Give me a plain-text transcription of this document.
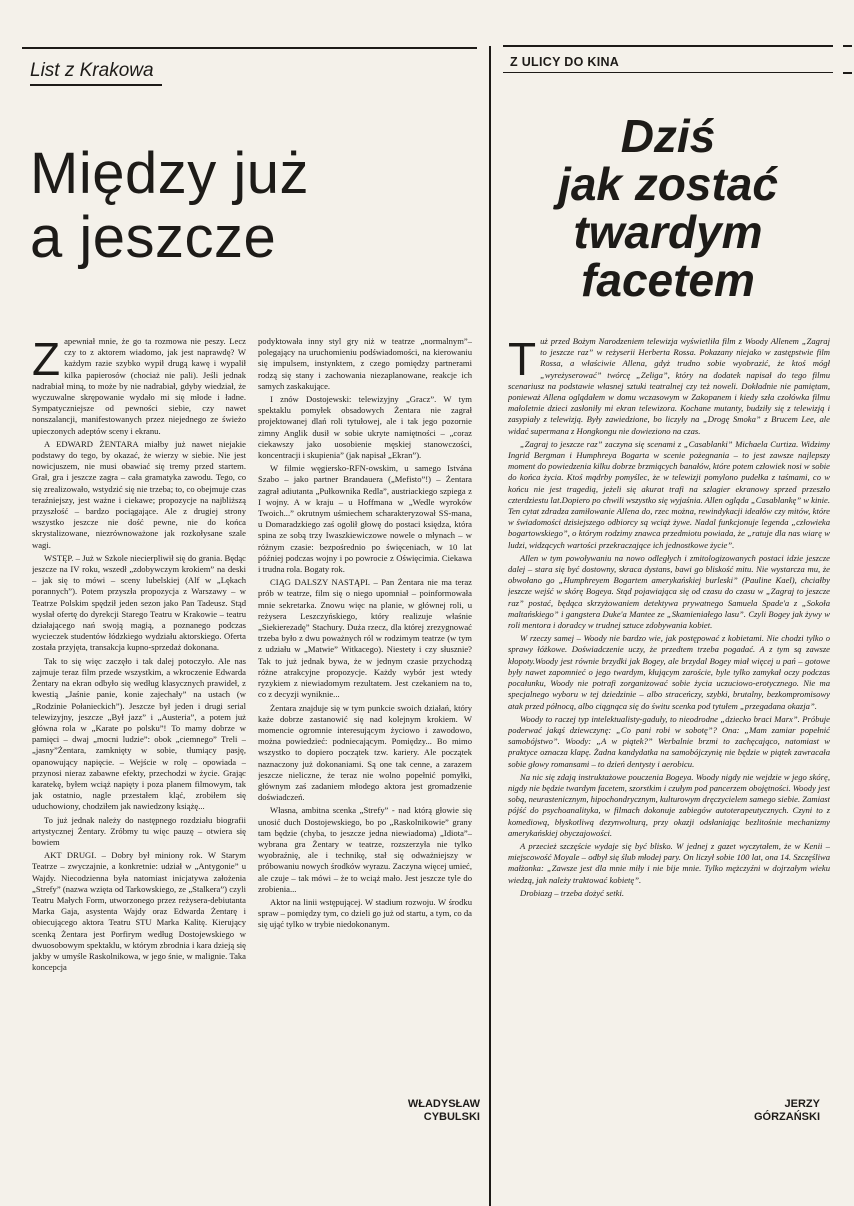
List z Krakowa
Między już
a jeszcze
Z ULICY DO KINA
Dziś
jak zostać
twardym
facetem

Zapewniał mnie, że go ta rozmowa nie peszy. Lecz czy to z aktorem wiadomo, jak jest naprawdę? W każdym razie szybko wypił drugą kawę i wypalił kilka papierosów (chociaż nie pali). Jeśli jednak nadrabiał miną, to może by nie nadrabiał, gdyby wiedział, że wyczuwalne skrępowanie wydało mi się młode i ładne. Sympatyczniejsze od pewności siebie, czy nawet nonszalancji, manifestowanych przez niejednego ze świeżo upieczonych adeptów sceny i ekranu.

A EDWARD ŻENTARA miałby już nawet niejakie podstawy do tego, by okazać, że wierzy w siebie. Nie jest nowicjuszem, nie musi obawiać się tremy przed startem. Grał, gra i jeszcze zagra – cała gramatyka zawodu. Tego, co się zrealizowało, wstydzić się nie trzeba; to, co obejmuje czas teraźniejszy, jest ważne i ciekawe; propozycje na najbliższą przyszłość – bardzo pociągające. Ale z drugiej strony wszystko jeszcze nie dość pewne, nie do końca skrystalizowane, niezrównoważone jak rozkołysane szale wagi.

WSTĘP. – Już w Szkole niecierpliwił się do grania. Będąc jeszcze na IV roku, wszedł „zdobywczym krokiem” na deski – jak się to mówi – sceny lubelskiej (Alf w „Lękach porannych”). Potem przyszła propozycja z Warszawy – w Teatrze Polskim spędził jeden sezon jako Pan Tadeusz. Stąd wysłał ofertę do dyrekcji Starego Teatru w Krakowie – teatru działającego nań swoją magią, a poznanego podczas wycieczek studentów łódzkiego wydziału aktorskiego. Oferta została przyjęta, transakcja kupno-sprzedaż dokonana.

Tak to się więc zaczęło i tak dalej potoczyło. Ale nas zajmuje teraz film przede wszystkim, a wkroczenie Edwarda Żentary na ekran odbyło się według klasycznych prawideł, z kwestią „Jaśnie panie, konie zajechały” na ustach (w „Rodzinie Połanieckich”). Jeszcze był jeden i drugi serial telewizyjny, jeszcze „Był jazz” i „Austeria”, a potem już główna rola w „Karate po polsku”! To mamy dobrze w pamięci – dwaj „mocni ludzie”: obok „ciemnego” Treli – „jasny”Żentara, zamknięty w sobie, tłumiący pasję, opanowujący napięcie. – Wejście w rolę – opowiada – przynosi nieraz zabawne efekty, przechodzi w życie. Grając karatekę, byłem wciąż napięty i poza planem filmowym, tak jak ostatnio, nagle przestałem kląć, zrobiłem się uduchowiony, chodziłem jak nawiedzony książę...

To już jednak należy do następnego rozdziału biografii artystycznej Żentary. Zróbmy tu więc pauzę – otwiera się bowiem

AKT DRUGI. – Dobry był miniony rok. W Starym Teatrze – zwyczajnie, a konkretnie: udział w „Antygonie” u Wajdy. Niecodzienna była natomiast inicjatywa założenia „Strefy” (nazwa wzięta od Tarkowskiego, ze „Stalkera”) czyli Teatru Małych Form, utworzonego przez reżysera-debiutanta Marka Gaja, asystenta Wajdy oraz Edwarda Żentarę i obiecującego aktora Teatru STU Marka Kalitę. Kierujący scenką Żentara jest Porfirym według Dostojewskiego w dwuosobowym spektaklu, w którym zbrodnia i kara dzieją się jakby w umyśle Raskolnikowa, w jego śnie, w malignie. Taka koncepcja

podyktowała inny styl gry niż w teatrze „normalnym”– polegający na uruchomieniu podświadomości, na kierowaniu się impulsem, instynktem, z czego pomiędzy partnerami rodzą się stany i zachowania niezaplanowane, reakcje ich samych zaskakujące.

I znów Dostojewski: telewizyjny „Gracz”. W tym spektaklu pomyłek obsadowych Żentara nie zagrał projektowanej dlań roli tytułowej, ale i tak jego pozornie zimny Anglik dusił w sobie ukryte namiętności – „coraz ciekawszy jako uosobienie męskiej stanowczości, koncentracji i skupienia” (jak napisał „Ekran”).

W filmie węgiersko-RFN-owskim, u samego Istvána Szabo – jako partner Brandauera („Mefisto”!) – Żentara zagrał adiutanta „Pułkownika Redla”, austriackiego szpiega z I wojny. A w kraju – u Hoffmana w „Wedle wyroków Twoich...” okrutnym uśmiechem scharakteryzował SS-mana, u Domaradzkiego zaś ogolił głowę do postaci księdza, która spina ze sobą trzy Iwaszkiewiczowe nowele o młynach – w różnym czasie: bezpośrednio po święceniach, w 10 lat później podczas wojny i po powrocie z Oświęcimia. Ciekawa i trudna rola. Bogaty rok.

CIĄG DALSZY NASTĄPI. – Pan Żentara nie ma teraz prób w teatrze, film się o niego upomniał – poinformowała mnie sekretarka. Znowu więc na planie, w głównej roli, u reżysera Leszczyńskiego, który realizuje właśnie „Siekierezadę” Stachury. Duża rzecz, dla której zrezygnować trzeba było z dwu poważnych ról w rodzimym teatrze (w tym z udziału w „Matwie” Witkacego). Niestety i czy słusznie? Tak to już jednak bywa, że w jednym czasie przychodzą różne atrakcyjne propozycje. Każdy wybór jest wtedy ryzykiem z niewiadomym rezultatem. Jest czekaniem na to, co z decyzji wyniknie...

Żentara znajduje się w tym punkcie swoich działań, który każe dobrze zastanowić się nad kolejnym krokiem. W momencie ogromnie interesującym życiowo i zawodowo, można powiedzieć: podniecającym. Pomiędzy... Bo mimo wszystko to dopiero początek tzw. kariery. Ale początek naznaczony już dokonaniami. Są one tak cenne, a zarazem jeszcze nieliczne, że teraz nie wolno popełnić pomyłki, głównym zaś zadaniem młodego aktora jest gromadzenie doświadczeń.

Własna, ambitna scenka „Strefy” - nad którą głowie się unosić duch Dostojewskiego, bo po „Raskolnikowie” grany tam będzie (chyba, to jeszcze jedna niewiadoma) „Idiota”– wybrana gra Żentary w teatrze, rozszerzyła nie tylko wyobraźnię, ale i technikę, stał się odważniejszy w próbowaniu nowych środków wyrazu. Zaczyna więcej umieć, ale czuje – tak mówi – że to wciąż mało. Jest jeszcze tyle do zrobienia...

Aktor na linii wstępującej. W stadium rozwoju. W środku spraw – pomiędzy tym, co dzieli go już od startu, a tym, co da się ująć tylko w trybie niedokonanym.

WŁADYSŁAW
CYBULSKI

Tuż przed Bożym Narodzeniem telewizja wyświetliła film z Woody Allenem „Zagraj to jeszcze raz” w reżyserii Herberta Rossa. Pokazany niejako w zastępstwie film Rossa, a właściwie Allena, gdyż trudno sobie wyobrazić, że ktoś mógł „wyreżyserować” twórcę „Zeliga”, który na dodatek napisał do tego filmu scenariusz na podstawie własnej sztuki teatralnej czy też noweli. Dokładnie nie pamiętam, ponieważ Allena oglądałem w domu wczasowym w Zakopanem i kiedy szła czołówka filmu małoletnie dzieci zasłoniły mi ekran telewizora. Kochane mutanty, budziły się z telewizją i zasypiały z telewizją. Były zawiedzione, bo liczyły na „Drogę Smoka” z Brucem Lee, ale widać supermana z Hongkongu nie dowieziono na czas.

„Zagraj to jeszcze raz” zaczyna się scenami z „Casablanki” Michaela Curtiza. Widzimy Ingrid Bergman i Humphreya Bogarta w scenie pożegnania – to jest zawsze najlepszy moment do powiedzenia kilku dobrze brzmiących banałów, które potem człowiek nosi w sobie do końca życia. Ktoś mądrby pomyślec, że w telewizji pomylono pudełka z taśmami, co w końcu nie jest tragedią, jeżeli się akurat trafi na szlagier ekranowy sprzed przeszło czterdziestu lat.Dopiero po chwili wszystko się wyjaśnia. Allen ogląda „Casablankę” w kinie. Ten cytat zdradza zamiłowanie Allena do, rzec można, rewindykacji ideałów czy mitów, które w świadomości dzisiejszego odbiorcy są wciąż żywe. Nadal funkcjonuje legenda „człowieka bogartowskiego”, o którym rodzimy znawca przedmiotu powiada, że „ratuje dla nas wiarę w ludzi, widzących wartości przekraczające ich jednostkowe życie”.

Allen w tym powoływaniu na nowo odległych i zmitologizowanych postaci idzie jeszcze dalej – stara się być dostowny, skraca dystans, bawi go bliskość mitu. Nie wystarcza mu, że obwołano go „Humphreyem Bogartem amerykańskiej burleski” (Pauline Kael), chciałby jeszcze wejść w skórę Bogeya. Stąd pojawiająca się od czasu do czasu w „Zagraj to jeszcze raz” postać, będąca skrzyżowaniem detektywa prywatnego Samuela Spade'a z „Sokoła maltańskiego” i gangstera Duke'a Mantee ze „Skamieniałego lasu”. Czyli Bogey jak żywy w roli mentora i doradcy w trudnej sztuce zdobywania kobiet.

W rzeczy samej – Woody nie bardzo wie, jak postępować z kobietami. Nie chodzi tylko o sprawy łóżkowe. Doświadczenie uczy, że przedtem trzeba pogadać. A z tym są zawsze kłopoty.Woody jest równie brzydki jak Bogey, ale brzydal Bogey miał więcej u pań – gotowe były nawet zapomnieć o jego twardym, kłującym zaroście, byle tylko zamykał oczy podczas pocałunku, Woody nie potrafi zorganizować sobie życia uczuciowo-erotycznego. Nie ma specjalnego wyboru w tej dziedzinie – albo straceńczy, szybki, brutalny, bezkompromisowy atak przed północą, albo ciągnąca się do świtu scenka pod tytułem „przegadana okazja”.

Woody to raczej typ intelektualisty-gaduły, to nieodrodne „dziecko braci Marx”. Próbuje poderwać jakąś dziewczynę: „Co pani robi w sobotę”? Ona: „Mam zamiar popełnić samobójstwo”. Woody: „A w piątek?” Werbalnie brzmi to zachęcająco, natomiast w praktyce oznacza klapę. Żadna kandydatka na samobójczynię nie będzie w piątek zawracała sobie głowy romansami – to dzień dentysty i aerobicu.

Na nic się zdają instruktażowe pouczenia Bogeya. Woody nigdy nie wejdzie w jego skórę, nigdy nie będzie twardym facetem, szorstkim i czułym pod pancerzem obojętności. Woody jest sobą, neurastenicznym, hipochondrycznym, kulturowym dręczycielem samego siebie. Zamiast pójść do psychoanalityka, w filmach dokonuje zabiegów autoterapeutycznych. Czyni to z komediową, błyskotliwą dezynwolturą, przy okazji odsłaniając bezlitośnie mechanizmy amerykańskiej obyczajowości.

A przecież szczęście wydaje się być blisko. W jednej z gazet wyczytałem, że w Kenii – miejscowość Moyale – odbył się ślub młodej pary. On liczył sobie 100 lat, ona 14. Szczęśliwa małżonka: „Zawsze jest dla mnie miły i nie bije mnie. Tylko mężczyźni w dojrzałym wieku wiedzą, jak należy traktować kobietę”.

Drobiazg – trzeba dożyć setki.

JERZY
GÓRZAŃSKI
